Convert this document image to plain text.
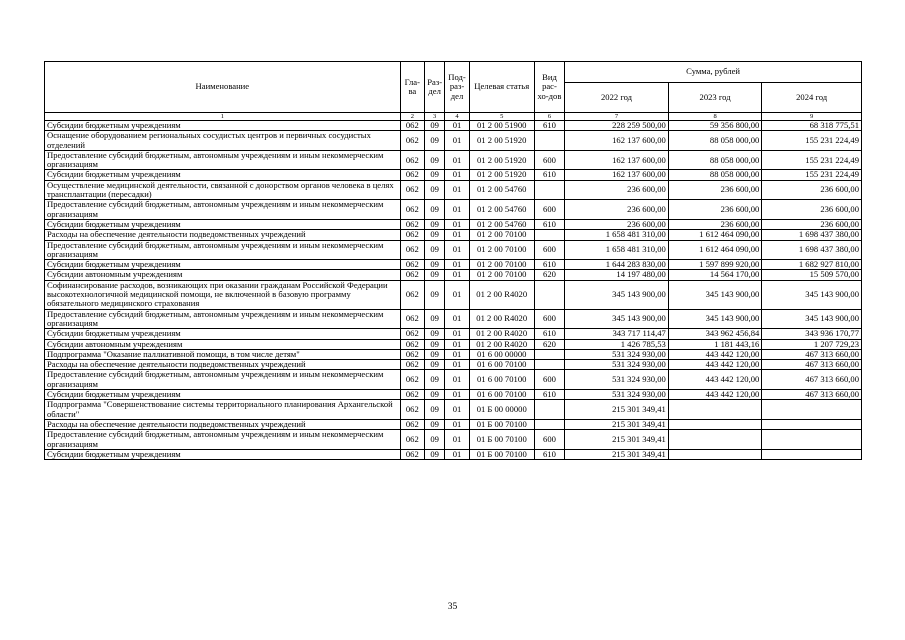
Наименование	Гла-ва	Раз-дел	Под-раз-дел	Целевая статья	Вид рас-хо-дов	Сумма, рублей		
						2022 год	2023 год	2024 год
1	2	3	4	5	6	7	8	9
Субсидии бюджетным учреждениям	062	09	01	01 2 00 51900	610	228 259 500,00	59 356 800,00	68 318 775,51
Оснащение оборудованием региональных сосудистых центров и первичных сосудистых отделений	062	09	01	01 2 00 51920		162 137 600,00	88 058 000,00	155 231 224,49
Предоставление субсидий бюджетным, автономным учреждениям и иным некоммерческим организациям	062	09	01	01 2 00 51920	600	162 137 600,00	88 058 000,00	155 231 224,49
Субсидии бюджетным учреждениям	062	09	01	01 2 00 51920	610	162 137 600,00	88 058 000,00	155 231 224,49
Осуществление медицинской деятельности, связанной с донорством органов человека в целях трансплантации (пересадки)	062	09	01	01 2 00 54760		236 600,00	236 600,00	236 600,00
Предоставление субсидий бюджетным, автономным учреждениям и иным некоммерческим организациям	062	09	01	01 2 00 54760	600	236 600,00	236 600,00	236 600,00
Субсидии бюджетным учреждениям	062	09	01	01 2 00 54760	610	236 600,00	236 600,00	236 600,00
Расходы на обеспечение деятельности подведомственных учреждений	062	09	01	01 2 00 70100		1 658 481 310,00	1 612 464 090,00	1 698 437 380,00
Предоставление субсидий бюджетным, автономным учреждениям и иным некоммерческим организациям	062	09	01	01 2 00 70100	600	1 658 481 310,00	1 612 464 090,00	1 698 437 380,00
Субсидии бюджетным учреждениям	062	09	01	01 2 00 70100	610	1 644 283 830,00	1 597 899 920,00	1 682 927 810,00
Субсидии автономным учреждениям	062	09	01	01 2 00 70100	620	14 197 480,00	14 564 170,00	15 509 570,00
Софинансирование расходов, возникающих при оказании гражданам Российской Федерации высокотехнологичной медицинской помощи, не включенной в базовую программу обязательного медицинского страхования	062	09	01	01 2 00 R4020		345 143 900,00	345 143 900,00	345 143 900,00
Предоставление субсидий бюджетным, автономным учреждениям и иным некоммерческим организациям	062	09	01	01 2 00 R4020	600	345 143 900,00	345 143 900,00	345 143 900,00
Субсидии бюджетным учреждениям	062	09	01	01 2 00 R4020	610	343 717 114,47	343 962 456,84	343 936 170,77
Субсидии автономным учреждениям	062	09	01	01 2 00 R4020	620	1 426 785,53	1 181 443,16	1 207 729,23
Подпрограмма "Оказание паллиативной помощи, в том числе детям"	062	09	01	01 6 00 00000		531 324 930,00	443 442 120,00	467 313 660,00
Расходы на обеспечение деятельности подведомственных учреждений	062	09	01	01 6 00 70100		531 324 930,00	443 442 120,00	467 313 660,00
Предоставление субсидий бюджетным, автономным учреждениям и иным некоммерческим организациям	062	09	01	01 6 00 70100	600	531 324 930,00	443 442 120,00	467 313 660,00
Субсидии бюджетным учреждениям	062	09	01	01 6 00 70100	610	531 324 930,00	443 442 120,00	467 313 660,00
Подпрограмма "Совершенствование системы территориального планирования Архангельской области"	062	09	01	01 Б 00 00000		215 301 349,41		
Расходы на обеспечение деятельности подведомственных учреждений	062	09	01	01 Б 00 70100		215 301 349,41		
Предоставление субсидий бюджетным, автономным учреждениям и иным некоммерческим организациям	062	09	01	01 Б 00 70100	600	215 301 349,41		
Субсидии бюджетным учреждениям	062	09	01	01 Б 00 70100	610	215 301 349,41		
35
